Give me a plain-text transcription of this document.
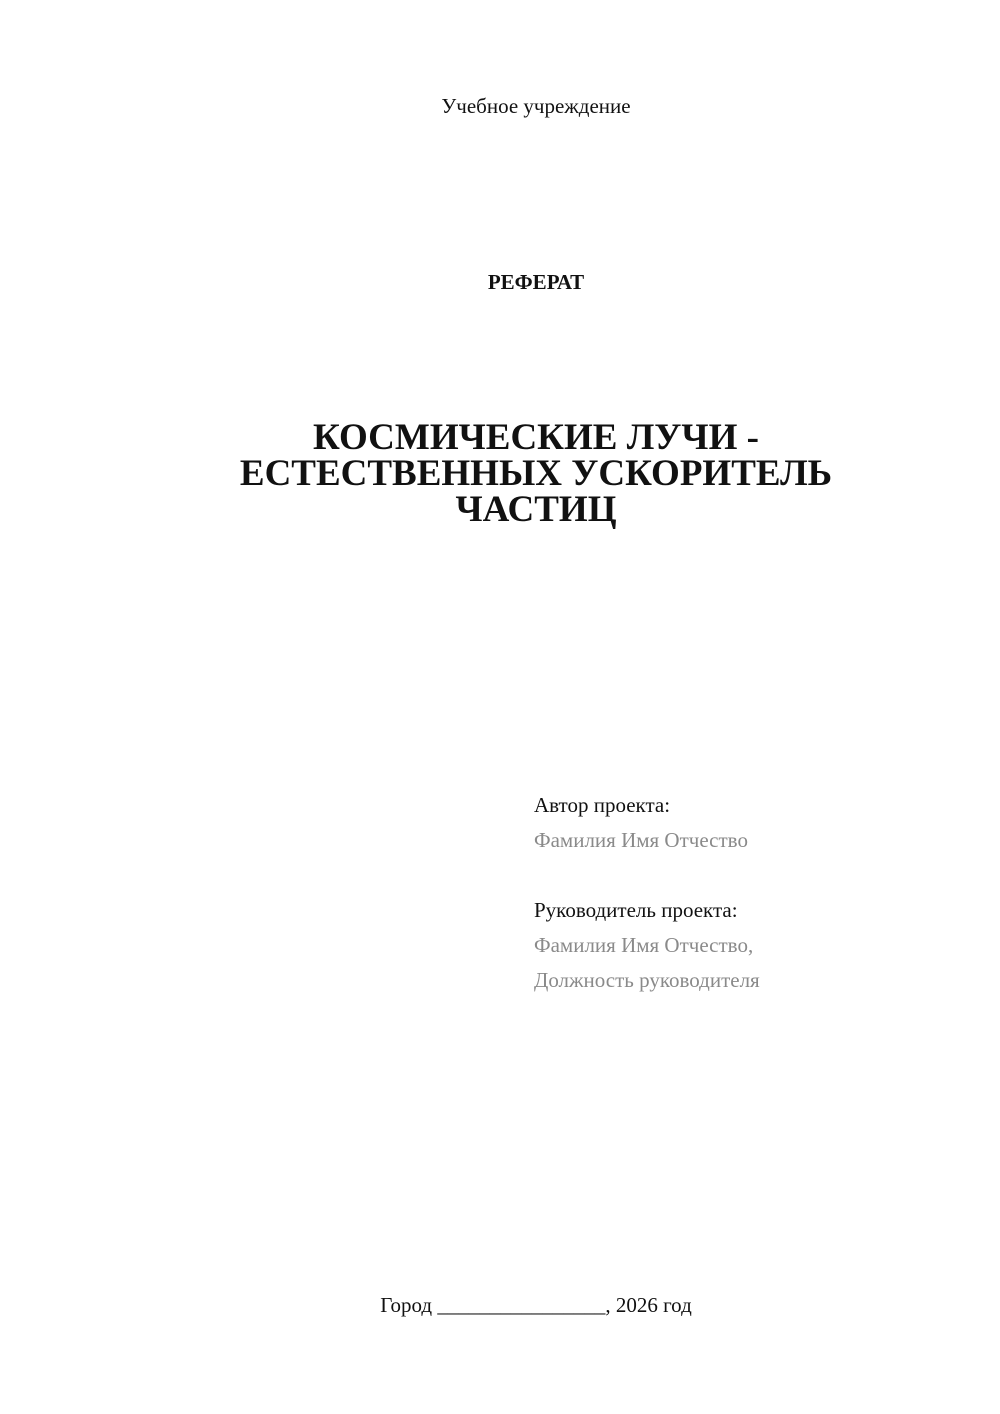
Учебное учреждение
РЕФЕРАТ
КОСМИЧЕСКИЕ ЛУЧИ -
ЕСТЕСТВЕННЫХ УСКОРИТЕЛЬ
ЧАСТИЦ
Автор проекта:
Фамилия Имя Отчество
Руководитель проекта:
Фамилия Имя Отчество,
Должность руководителя
Город ________________, 2026 год
